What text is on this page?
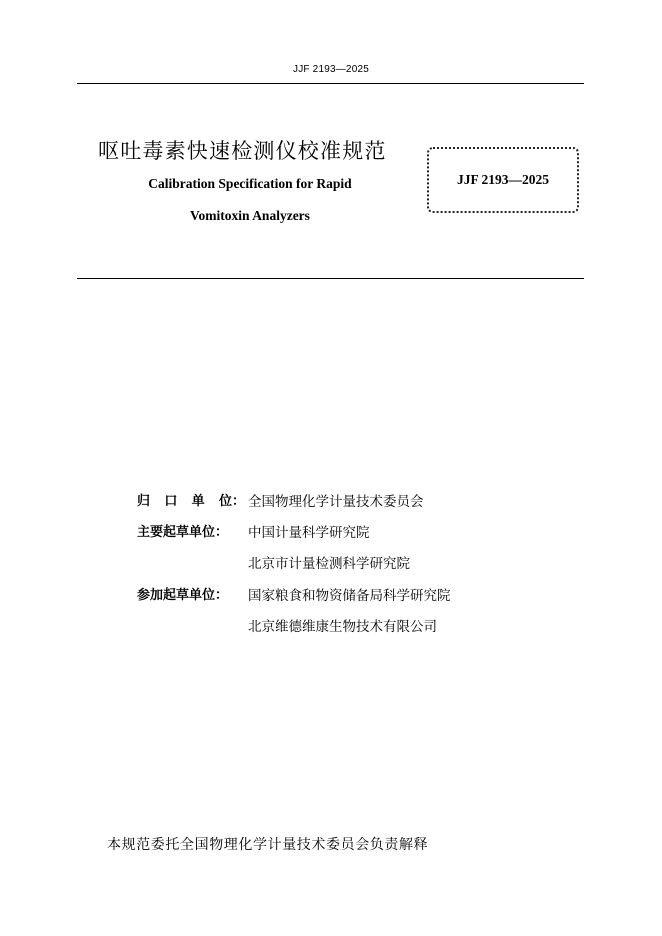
JJF 2193—2025
呕吐毒素快速检测仪校准规范
Calibration Specification for Rapid
Vomitoxin Analyzers
JJF 2193—2025
归 口 单 位 ： 全国物理化学计量技术委员会
主要起草单位：	中国计量科学研究院
北京市计量检测科学研究院
参加起草单位：	国家粮食和物资储备局科学研究院
北京维德维康生物技术有限公司
本规范委托全国物理化学计量技术委员会负责解释
